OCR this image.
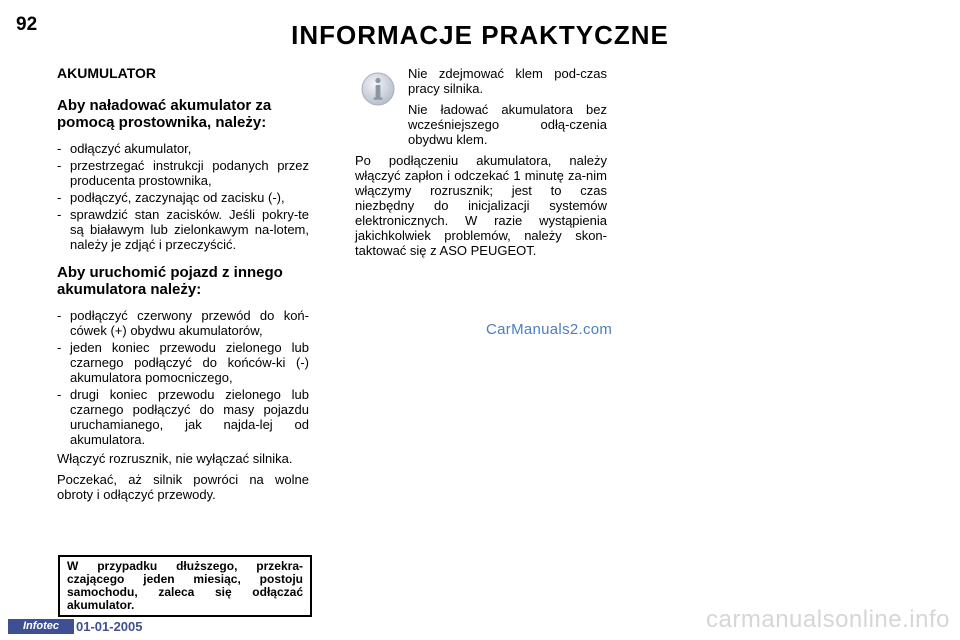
92	INFORMACJE PRAKTYCZNE
AKUMULATOR
Aby naładować akumulator za pomocą prostownika, należy:
- odłączyć akumulator,
- przestrzegać instrukcji podanych przez producenta prostownika,
- podłączyć, zaczynając od zacisku (-),
- sprawdzić stan zacisków. Jeśli pokry-te są białawym lub zielonkawym na-lotem, należy je zdjąć i przeczyścić.
Aby uruchomić pojazd z innego akumulatora należy:
- podłączyć czerwony przewód do koń-cówek (+) obydwu akumulatorów,
- jeden koniec przewodu zielonego lub czarnego podłączyć do końców-ki (-) akumulatora pomocniczego,
- drugi koniec przewodu zielonego lub czarnego podłączyć do masy pojazdu uruchamianego, jak najda-lej od akumulatora.

Włączyć rozrusznik, nie wyłączać silnika.

Poczekać, aż silnik powróci na wolne obroty i odłączyć przewody.

Nie zdejmować klem pod-czas pracy silnika.

Nie ładować akumulatora bez wcześniejszego odłą-czenia obydwu klem.

Po podłączeniu akumulatora, należy włączyć zapłon i odczekać 1 minutę za-nim włączymy rozrusznik; jest to czas niezbędny do inicjalizacji systemów elektronicznych. W razie wystąpienia jakichkolwiek problemów, należy skon-taktować się z ASO PEUGEOT.

CarManuals2.com
W przypadku dłuższego, przekra-czającego jeden miesiąc, postoju samochodu, zaleca się odłączać akumulator.
Infotec	01-01-2005	carmanualsonline.info
